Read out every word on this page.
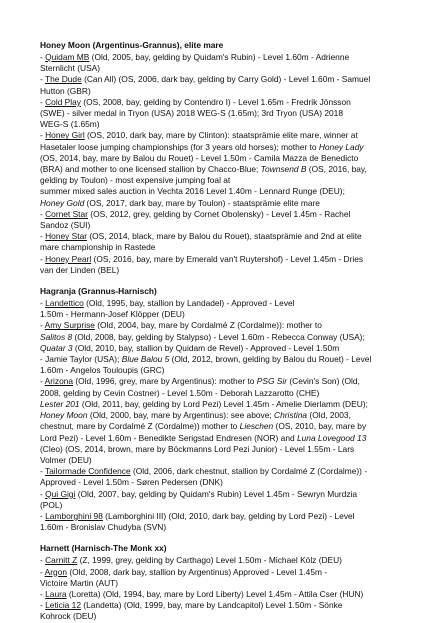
Honey Moon (Argentinus-Grannus), elite mare
- Quidam MB (Old, 2005, bay, gelding by Quidam's Rubin) - Level 1.60m - Adrienne
Sternlicht (USA)
- The Dude (Can All) (OS, 2006, dark bay, gelding by Carry Gold) - Level 1.60m - Samuel
Hutton (GBR)
- Cold Play (OS, 2008, bay, gelding by Contendro I) - Level 1.65m - Fredrik Jönsson
(SWE) - silver medal in Tryon (USA) 2018 WEG-S (1.65m); 3rd Tryon (USA) 2018
WEG-S (1.65m)
- Honey Girl (OS, 2010, dark bay, mare by Clinton): staatsprämie elite mare, winner at
Hasetaler loose jumping championships (for 3 years old horses); mother to Honey Lady
(OS, 2014, bay, mare by Balou du Rouet) - Level 1.50m - Camila Mazza de Benedicto
(BRA) and mother to one licensed stallion by Chacco-Blue; Townsend B (OS, 2016, bay,
gelding by Toulon) - most expensive jumping foal at
summer mixed sales auction in Vechta 2016 Level 1.40m - Lennard Runge (DEU);
Honey Gold (OS, 2017, dark bay, mare by Toulon) - staatsprämie elite mare
- Cornet Star (OS, 2012, grey, gelding by Cornet Obolensky) - Level 1.45m - Rachel
Sandoz (SUI)
- Honey Star (OS, 2014, black, mare by Balou du Rouet), staatsprämie and 2nd at elite
mare championship in Rastede
- Honey Pearl (OS, 2016, bay, mare by Emerald van't Ruytershof) - Level 1.45m - Dries
van der Linden (BEL)
Hagranja (Grannus-Harnisch)
- Landettico (Old, 1995, bay, stallion by Landadel) - Approved - Level
1.50m - Hermann-Josef Klöpper (DEU)
- Amy Surprise (Old, 2004, bay, mare by Cordalmé Z (Cordalme)): mother to
Salitos 8 (Old, 2008, bay, gelding by Stalypso) - Level 1.60m - Rebecca Conway (USA);
Quatar 3 (Old, 2010, bay, stallion by Quidam de Revel) - Approved - Level 1.50m
- Jamie Taylor (USA); Blue Balou 5 (Old, 2012, brown, gelding by Balou du Rouet) - Level
1.60m - Angelos Touloupis (GRC)
- Arizona (Old, 1996, grey, mare by Argentinus): mother to PSG Sir (Cevin's Son) (Old,
2008, gelding by Cevin Costner) - Level 1.50m - Deborah Lazzarotto (CHE)
Lester 201 (Old, 2011, bay, gelding by Lord Pezi) Level 1.45m - Amelie Dierlamm (DEU);
Honey Moon (Old, 2000, bay, mare by Argentinus): see above; Christina (Old, 2003,
chestnut, mare by Cordalmé Z (Cordalme)) mother to Lieschen (OS, 2010, bay, mare by
Lord Pezi) - Level 1.60m - Benedikte Serigstad Endresen (NOR) and Luna Lovegood 13
(Cleo) (OS, 2014, brown, mare by Böckmanns Lord Pezi Junior) - Level 1.55m - Lars
Volmer (DEU)
- Tailormade Confidence (Old, 2006, dark chestnut, stallion by Cordalmé Z (Cordalme)) -
Approved - Level 1.50m - Søren Pedersen (DNK)
- Qui Gigi (Old, 2007, bay, gelding by Quidam's Rubin) Level 1.45m - Sewryn Murdzia
(POL)
- Lamborghini 98 (Lamborghini III) (Old, 2010, dark bay, gelding by Lord Pezi) - Level
1.60m - Bronislav Chudyba (SVN)
Harnett (Harnisch-The Monk xx)
- Carnitt Z (Z, 1999, grey, gelding by Carthago) Level 1.50m - Michael Kölz (DEU)
- Argon (Old, 2008, dark bay, stallion by Argentinus) Approved - Level 1.45m -
Victoire Martin (AUT)
- Laura (Loretta) (Old, 1994, bay, mare by Lord Liberty) Level 1.45m - Attila Cser (HUN)
- Leticia 12 (Landetta) (Old, 1999, bay, mare by Landcapitol) Level 1.50m - Sönke
Kohrock (DEU)
